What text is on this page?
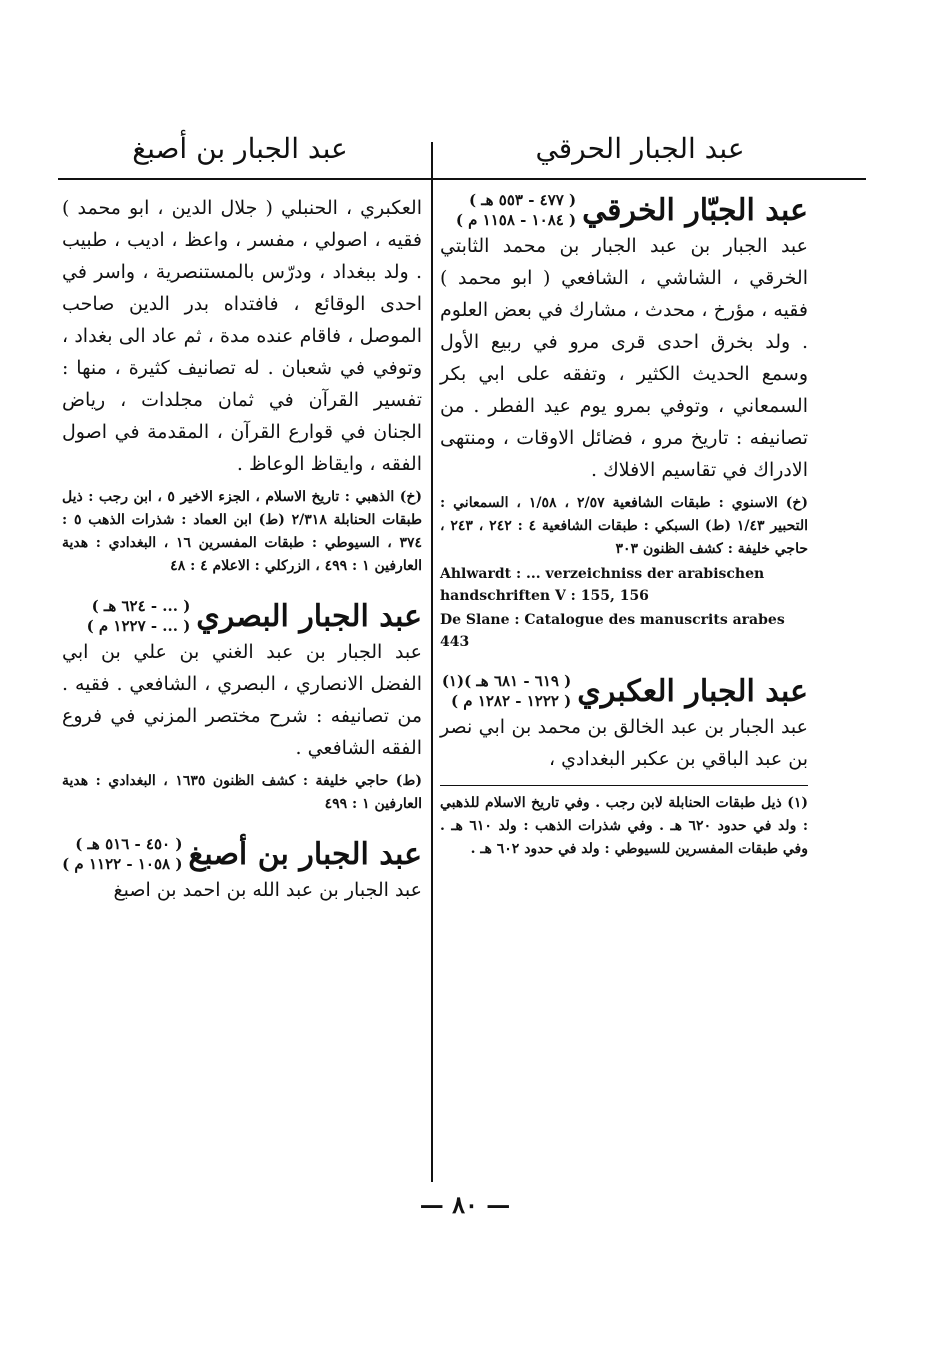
عبد الجبار الحرقي
عبد الجبار بن أصبغ
عبد الجبّار الخرقي
( ٤٧٧ - ٥٥٣ هـ )
( ١٠٨٤ - ١١٥٨ م )

عبد الجبار بن عبد الجبار بن محمد الثابتي الخرقي ، الشاشي ، الشافعي ( ابو محمد ) فقيه ، مؤرخ ، محدث ، مشارك في بعض العلوم . ولد بخرق احدى قرى مرو في ربيع الأول وسمع الحديث الكثير ، وتفقه على ابي بكر السمعاني ، وتوفي بمرو يوم عيد الفطر . من تصانيفه : تاريخ مرو ، فضائل الاوقات ، ومنتهى الادراك في تقاسيم الافلاك .

(خ) الاسنوي : طبقات الشافعية ٢/٥٧ ، ١/٥٨ ، السمعاني : التحبير ١/٤٣ (ط) السبكي : طبقات الشافعية ٤ : ٢٤٢ ، ٢٤٣ ، حاجي خليفة : كشف الظنون ٣٠٣

Ahlwardt : ... verzeichniss der arabischen handschriften V : 155, 156

De Slane : Catalogue des manuscrits arabes 443

عبد الجبار العكبري
( ٦١٩ - ٦٨١ هـ )(١)
( ١٢٢٢ - ١٢٨٢ م )

عبد الجبار بن عبد الخالق بن محمد بن ابي نصر بن عبد الباقي بن عكبر البغدادي ،

(١) ذيل طبقات الحنابلة لابن رجب . وفي تاريخ الاسلام للذهبي : ولد في حدود ٦٢٠ هـ . وفي شذرات الذهب : ولد ٦١٠ هـ . وفي طبقات المفسرين للسيوطي : ولد في حدود ٦٠٢ هـ .

العكبري ، الحنبلي ( جلال الدين ، ابو محمد ) فقيه ، اصولي ، مفسر ، واعظ ، اديب ، طبيب . ولد ببغداد ، ودرّس بالمستنصرية ، واسر في احدى الوقائع ، فافتداه بدر الدين صاحب الموصل ، فاقام عنده مدة ، ثم عاد الى بغداد ، وتوفي في شعبان . له تصانيف كثيرة ، منها : تفسير القرآن في ثمان مجلدات ، رياض الجنان في قوارع القرآن ، المقدمة في اصول الفقه ، وايقاظ الوعاظ .

(خ) الذهبي : تاريخ الاسلام ، الجزء الاخير ٥ ، ابن رجب : ذيل طبقات الحنابلة ٢/٣١٨ (ط) ابن العماد : شذرات الذهب ٥ : ٣٧٤ ، السيوطي : طبقات المفسرين ١٦ ، البغدادي : هدية العارفين ١ : ٤٩٩ ، الزركلي : الاعلام ٤ : ٤٨

عبد الجبار البصري
( ... - ٦٢٤ هـ )
( ... - ١٢٢٧ م )

عبد الجبار بن عبد الغني بن علي بن ابي الفضل الانصاري ، البصري ، الشافعي . فقيه . من تصانيفه : شرح مختصر المزني في فروع الفقه الشافعي .

(ط) حاجي خليفة : كشف الظنون ١٦٣٥ ، البغدادي : هدية العارفين ١ : ٤٩٩

عبد الجبار بن أصبغ
( ٤٥٠ - ٥١٦ هـ )
( ١٠٥٨ - ١١٢٢ م )

عبد الجبار بن عبد الله بن احمد بن اصبغ

— ٨٠ —
